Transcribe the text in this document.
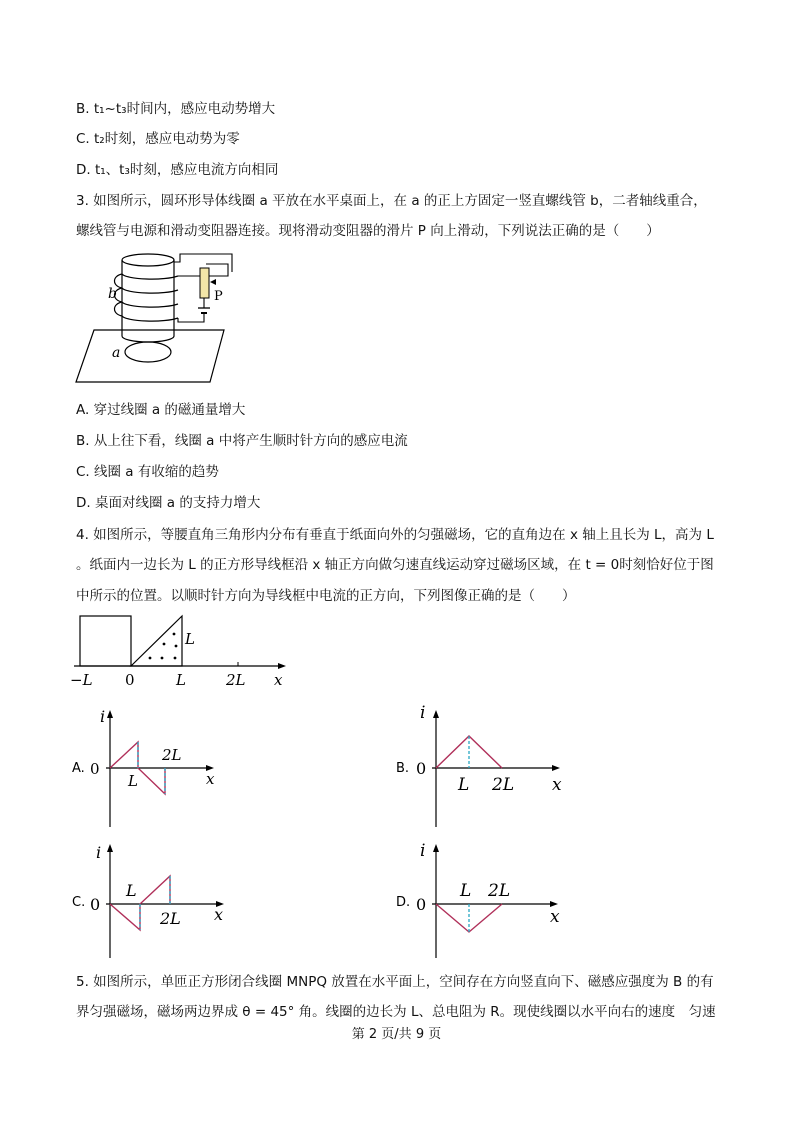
B. t₁~t₃时间内，感应电动势增大
C. t₂时刻，感应电动势为零
D. t₁、t₃时刻，感应电流方向相同
3. 如图所示，圆环形导体线圈 a 平放在水平桌面上，在 a 的正上方固定一竖直螺线管 b，二者轴线重合，
螺线管与电源和滑动变阻器连接。现将滑动变阻器的滑片 P 向上滑动，下列说法正确的是（　　）
a
b	P
A. 穿过线圈 a 的磁通量增大
B. 从上往下看，线圈 a 中将产生顺时针方向的感应电流
C. 线圈 a 有收缩的趋势
D. 桌面对线圈 a 的支持力增大
4. 如图所示，等腰直角三角形内分布有垂直于纸面向外的匀强磁场，它的直角边在 x 轴上且长为 L，高为 L
。纸面内一边长为 L 的正方形导线框沿 x 轴正方向做匀速直线运动穿过磁场区域，在 t = 0时刻恰好位于图
中所示的位置。以顺时针方向为导线框中电流的正方向，下列图像正确的是（　　）
L
−L 0	L	2L x
A.
i
0
L
2L
x
B.
i
0
L 2L x
C.
i
0
L
2L x
D.
i
0
L 2L
x
5. 如图所示，单匝正方形闭合线圈 MNPQ 放置在水平面上，空间存在方向竖直向下、磁感应强度为 B 的有
界匀强磁场，磁场两边界成 θ = 45° 角。线圈的边长为 L、总电阻为 R。现使线圈以水平向右的速度　匀速
第 2 页/共 9 页
